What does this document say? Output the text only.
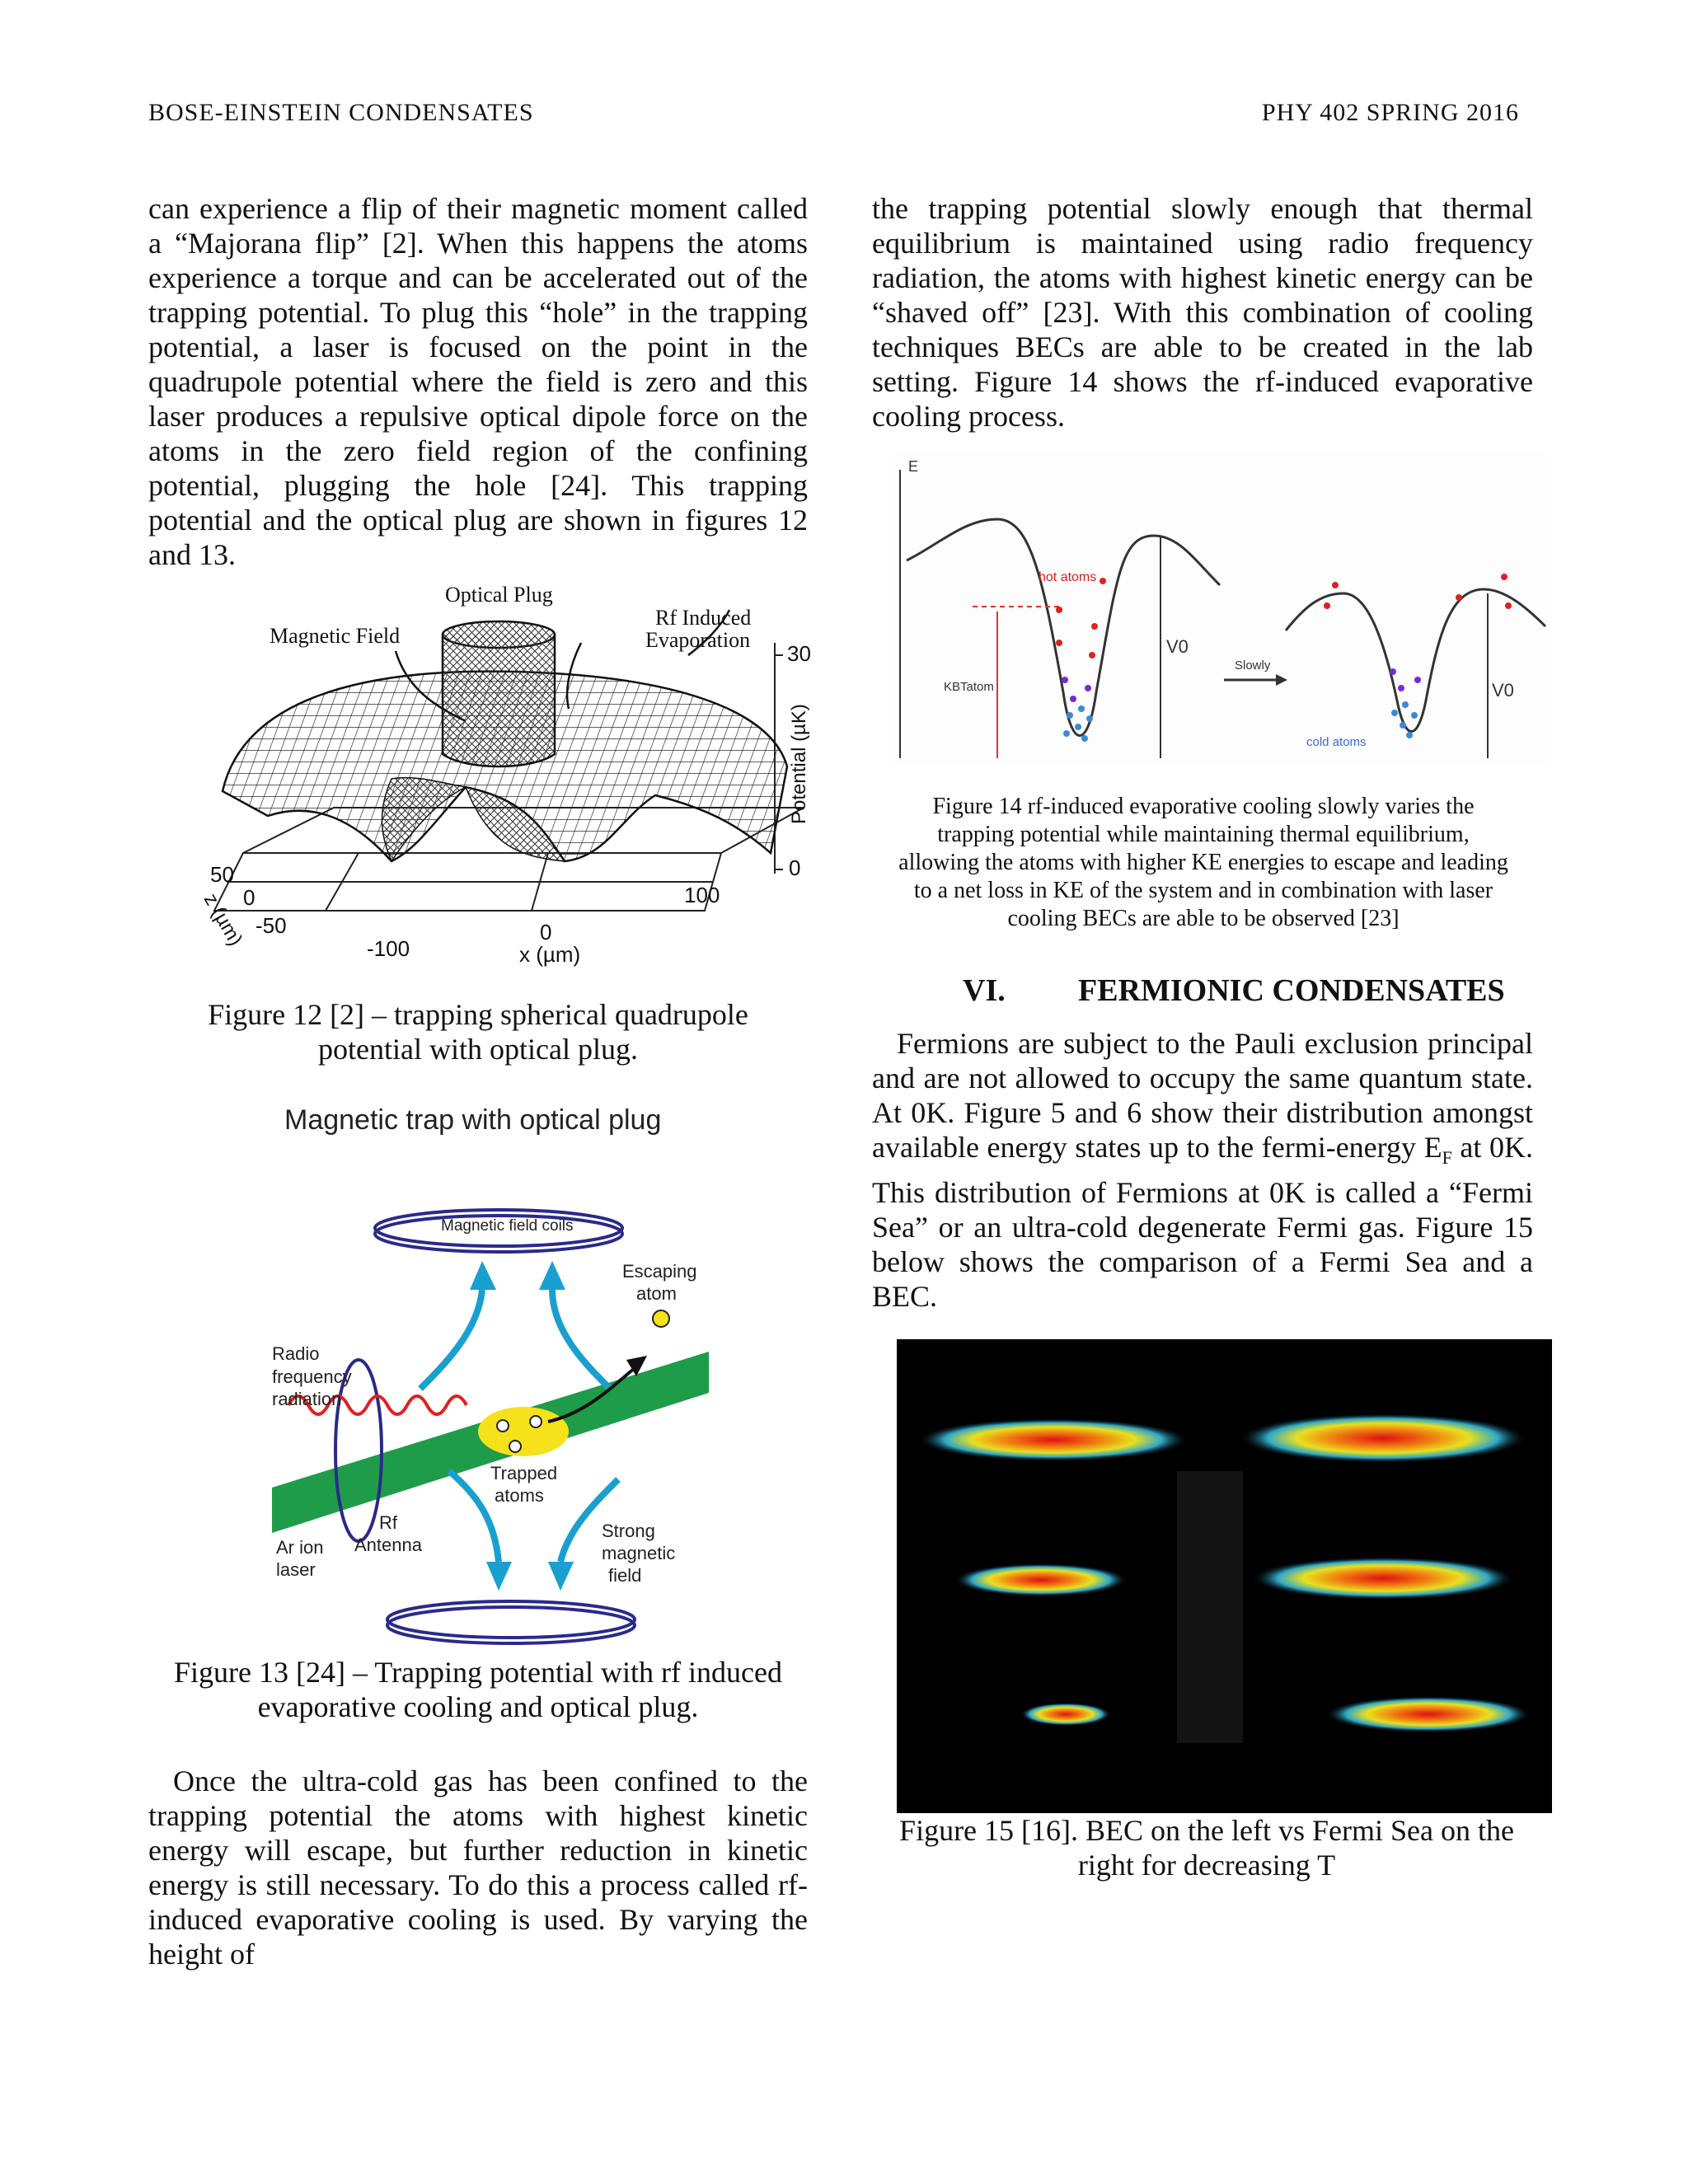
BOSE-EINSTEIN CONDENSATES	PHY 402 SPRING 2016

can experience a flip of their magnetic moment called a “Majorana flip” [2]. When this happens the atoms experience a torque and can be accelerated out of the trapping potential. To plug this “hole” in the trapping potential, a laser is focused on the point in the quadrupole potential where the field is zero and this laser produces a repulsive optical dipole force on the atoms in the zero field region of the confining potential, plugging the hole [24]. This trapping potential and the optical plug are shown in figures 12 and 13.

Optical Plug
Magnetic Field
Rf Induced
Evaporation
30
0
Potential (µK)
-100
0
100
x (µm)
50
0
-50
z (µm)
Figure 12 [2] – trapping spherical quadrupole
potential with optical plug.
Magnetic trap with optical plug
Magnetic field coils
Escaping
atom
Radio
frequency
radiation
Trapped
atoms
Rf
Antenna
Ar ion
laser
Strong
magnetic
field
Figure 13 [24] – Trapping potential with rf induced
evaporative cooling and optical plug.

Once the ultra-cold gas has been confined to the trapping potential the atoms with highest kinetic energy will escape, but further reduction in kinetic energy is still necessary. To do this a process called rf-induced evaporative cooling is used. By varying the height of

the trapping potential slowly enough that thermal equilibrium is maintained using radio frequency radiation, the atoms with highest kinetic energy can be “shaved off” [23]. With this combination of cooling techniques BECs are able to be created in the lab setting. Figure 14 shows the rf-induced evaporative cooling process.

E
hot atoms
KBTatom
V0
Slowly
V0
cold atoms
Figure 14 rf-induced evaporative cooling slowly varies the
trapping potential while maintaining thermal equilibrium,
allowing the atoms with higher KE energies to escape and leading
to a net loss in KE of the system and in combination with laser
cooling BECs are able to be observed [23]
VI. FERMIONIC CONDENSATES

Fermions are subject to the Pauli exclusion principal and are not allowed to occupy the same quantum state. At 0K. Figure 5 and 6 show their distribution amongst available energy states up to the fermi-energy $E_F$ at 0K. This distribution of Fermions at 0K is called a “Fermi Sea” or an ultra-cold degenerate Fermi gas. Figure 15 below shows the comparison of a Fermi Sea and a BEC.

Figure 15 [16]. BEC on the left vs Fermi Sea on the
right for decreasing T
